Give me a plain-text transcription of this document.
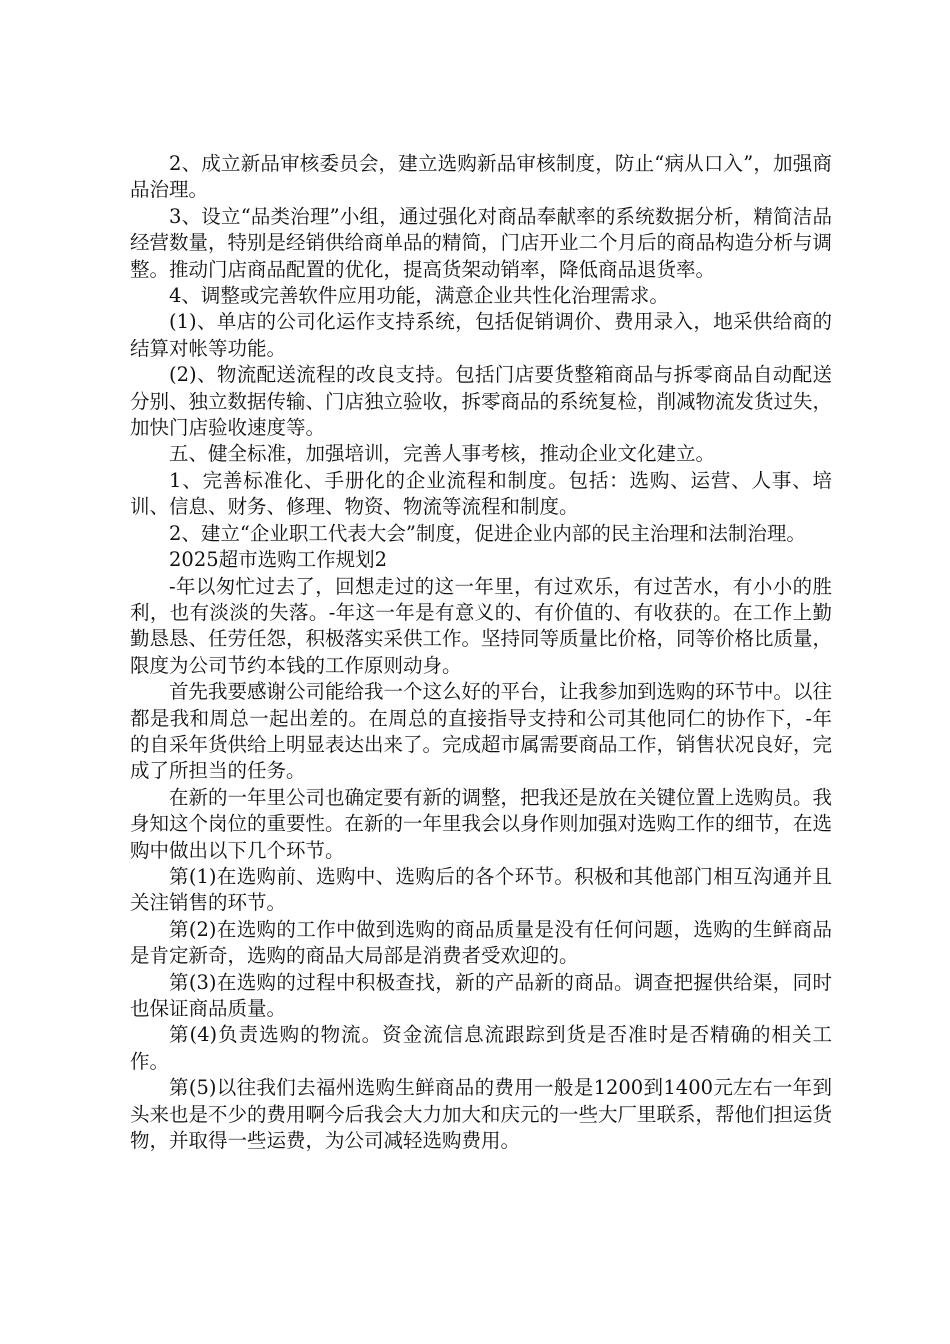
2、成立新品审核委员会，建立选购新品审核制度，防止“病从口入”，加强商品治理。

3、设立“品类治理”小组，通过强化对商品奉献率的系统数据分析，精简洁品经营数量，特别是经销供给商单品的精简，门店开业二个月后的商品构造分析与调整。推动门店商品配置的优化，提高货架动销率，降低商品退货率。

4、调整或完善软件应用功能，满意企业共性化治理需求。

(1)、单店的公司化运作支持系统，包括促销调价、费用录入，地采供给商的结算对帐等功能。

(2)、物流配送流程的改良支持。包括门店要货整箱商品与拆零商品自动配送分别、独立数据传输、门店独立验收，拆零商品的系统复检，削减物流发货过失，加快门店验收速度等。

五、健全标准，加强培训，完善人事考核，推动企业文化建立。

1、完善标准化、手册化的企业流程和制度。包括：选购、运营、人事、培训、信息、财务、修理、物资、物流等流程和制度。

2、建立“企业职工代表大会”制度，促进企业内部的民主治理和法制治理。

2025超市选购工作规划2

-年以匆忙过去了，回想走过的这一年里，有过欢乐，有过苦水，有小小的胜利，也有淡淡的失落。-年这一年是有意义的、有价值的、有收获的。在工作上勤勤恳恳、任劳任怨，积极落实采供工作。坚持同等质量比价格，同等价格比质量，限度为公司节约本钱的工作原则动身。

首先我要感谢公司能给我一个这么好的平台，让我参加到选购的环节中。以往都是我和周总一起出差的。在周总的直接指导支持和公司其他同仁的协作下，-年的自采年货供给上明显表达出来了。完成超市属需要商品工作，销售状况良好，完成了所担当的任务。

在新的一年里公司也确定要有新的调整，把我还是放在关键位置上选购员。我身知这个岗位的重要性。在新的一年里我会以身作则加强对选购工作的细节，在选购中做出以下几个环节。

第(1)在选购前、选购中、选购后的各个环节。积极和其他部门相互沟通并且关注销售的环节。

第(2)在选购的工作中做到选购的商品质量是没有任何问题，选购的生鲜商品是肯定新奇，选购的商品大局部是消费者受欢迎的。

第(3)在选购的过程中积极查找，新的产品新的商品。调查把握供给渠，同时也保证商品质量。

第(4)负责选购的物流。资金流信息流跟踪到货是否准时是否精确的相关工作。

第(5)以往我们去福州选购生鲜商品的费用一般是1200到1400元左右一年到头来也是不少的费用啊今后我会大力加大和庆元的一些大厂里联系，帮他们担运货物，并取得一些运费，为公司减轻选购费用。
